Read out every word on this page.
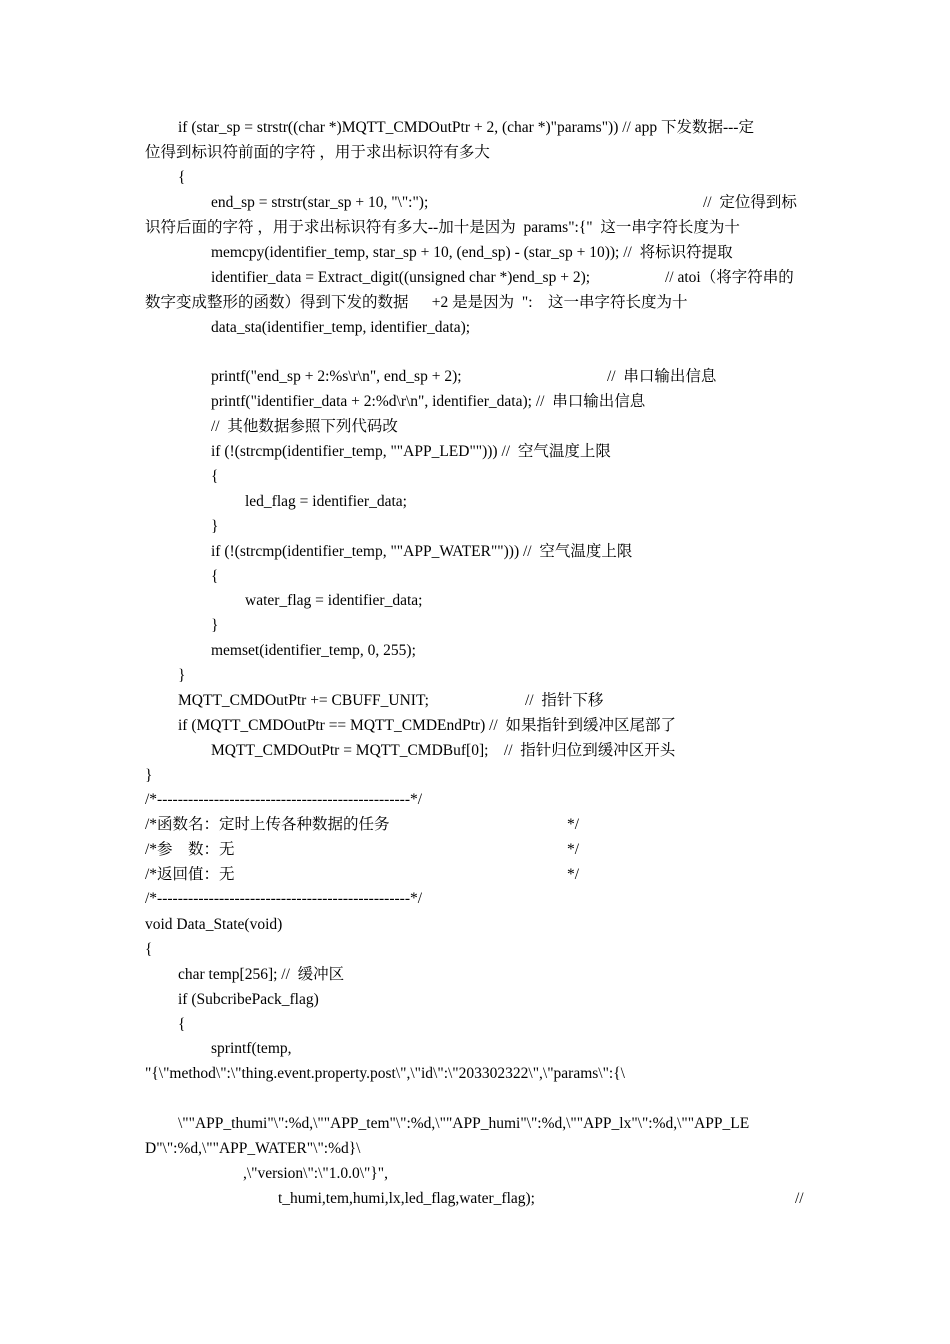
if (star_sp = strstr((char *)MQTT_CMDOutPtr + 2, (char *)"params")) // app 下发数据---定
位得到标识符前面的字符 ，用于求出标识符有多大
{
end_sp = strstr(star_sp + 10, "\":");	//  定位得到标
识符后面的字符 ，用于求出标识符有多大--加十是因为  params":{"  这一串字符长度为十
memcpy(identifier_temp, star_sp + 10, (end_sp) - (star_sp + 10)); //  将标识符提取
identifier_data = Extract_digit((unsigned char *)end_sp + 2);	// atoi（将字符串的
数字变成整形的函数）得到下发的数据      +2 是是因为  ":    这一串字符长度为十
data_sta(identifier_temp, identifier_data);
printf("end_sp + 2:%s\r\n", end_sp + 2);	//  串口输出信息
printf("identifier_data + 2:%d\r\n", identifier_data); //  串口输出信息
//  其他数据参照下列代码改
if (!(strcmp(identifier_temp, ""APP_LED""))) //  空气温度上限
{
led_flag = identifier_data;
}
if (!(strcmp(identifier_temp, ""APP_WATER""))) //  空气温度上限
{
water_flag = identifier_data;
}
memset(identifier_temp, 0, 255);
}
MQTT_CMDOutPtr += CBUFF_UNIT;	//  指针下移
if (MQTT_CMDOutPtr == MQTT_CMDEndPtr) //  如果指针到缓冲区尾部了
MQTT_CMDOutPtr = MQTT_CMDBuf[0];    //  指针归位到缓冲区开头
}
/*-------------------------------------------------*/
/*函数名：定时上传各种数据的任务	*/
/*参    数：无	*/
/*返回值：无	*/
/*-------------------------------------------------*/
void Data_State(void)
{
char temp[256]; //  缓冲区
if (SubcribePack_flag)
{
sprintf(temp,
"{\"method\":\"thing.event.property.post\",\"id\":\"203302322\",\"params\":{\
\""APP_thumi"\":%d,\""APP_tem"\":%d,\""APP_humi"\":%d,\""APP_lx"\":%d,\""APP_LE
D"\":%d,\""APP_WATER"\":%d}\
,\"version\":\"1.0.0\"}",
t_humi,tem,humi,lx,led_flag,water_flag);	//
